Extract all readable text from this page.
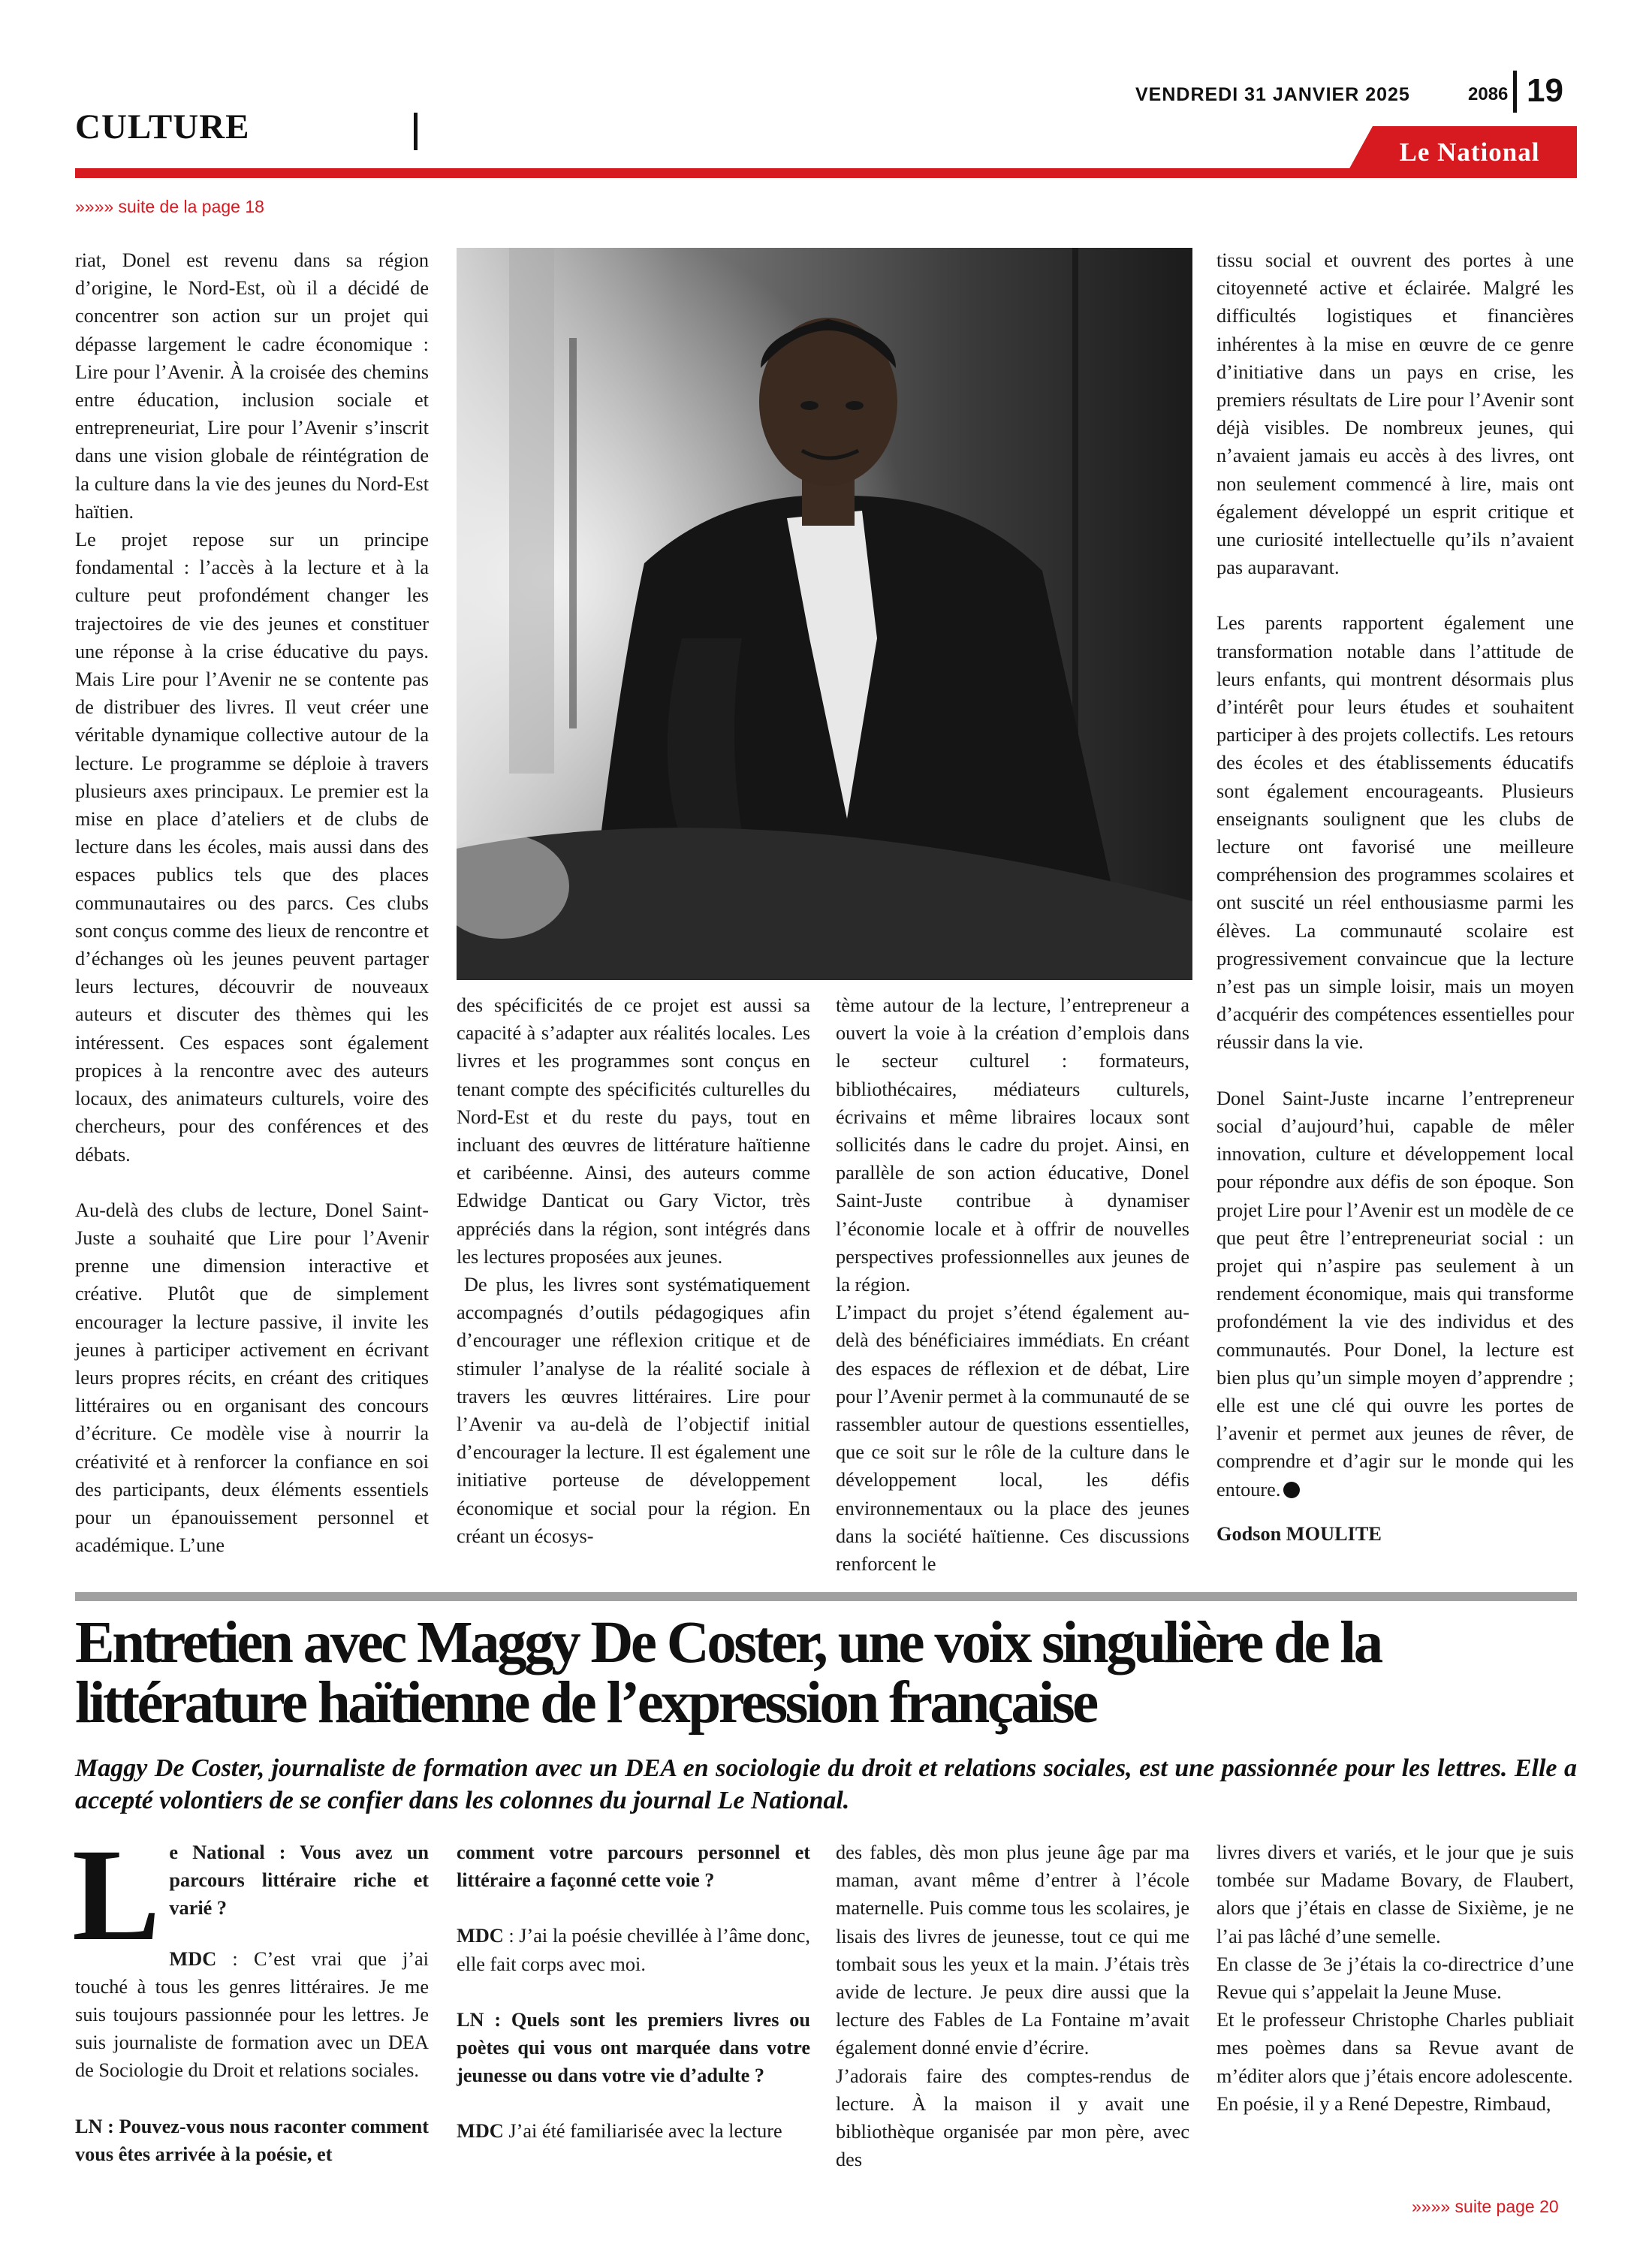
CULTURE
VENDREDI 31 JANVIER 2025	2086 19
Le National
»»»» suite de la page 18

riat, Donel est revenu dans sa région d’origine, le Nord-Est, où il a décidé de concentrer son action sur un projet qui dépasse largement le cadre économique : Lire pour l’Avenir. À la croisée des chemins entre éducation, inclusion sociale et entrepreneuriat, Lire pour l’Avenir s’inscrit dans une vision globale de réintégration de la culture dans la vie des jeunes du Nord-Est haïtien.

Le projet repose sur un principe fondamental : l’accès à la lecture et à la culture peut profondément changer les trajectoires de vie des jeunes et constituer une réponse à la crise éducative du pays. Mais Lire pour l’Avenir ne se contente pas de distribuer des livres. Il veut créer une véritable dynamique collective autour de la lecture. Le programme se déploie à travers plusieurs axes principaux. Le premier est la mise en place d’ateliers et de clubs de lecture dans les écoles, mais aussi dans des espaces publics tels que des places communautaires ou des parcs. Ces clubs sont conçus comme des lieux de rencontre et d’échanges où les jeunes peuvent partager leurs lectures, découvrir de nouveaux auteurs et discuter des thèmes qui les intéressent. Ces espaces sont également propices à la rencontre avec des auteurs locaux, des animateurs culturels, voire des chercheurs, pour des conférences et des débats.

Au-delà des clubs de lecture, Donel Saint-Juste a souhaité que Lire pour l’Avenir prenne une dimension interactive et créative. Plutôt que de simplement encourager la lecture passive, il invite les jeunes à participer activement en écrivant leurs propres récits, en créant des critiques littéraires ou en organisant des concours d’écriture. Ce modèle vise à nourrir la créativité et à renforcer la confiance en soi des participants, deux éléments essentiels pour un épanouissement personnel et académique. L’une

des spécificités de ce projet est aussi sa capacité à s’adapter aux réalités locales. Les livres et les programmes sont conçus en tenant compte des spécificités culturelles du Nord-Est et du reste du pays, tout en incluant des œuvres de littérature haïtienne et caribéenne. Ainsi, des auteurs comme Edwidge Danticat ou Gary Victor, très appréciés dans la région, sont intégrés dans les lectures proposées aux jeunes.

De plus, les livres sont systématiquement accompagnés d’outils pédagogiques afin d’encourager une réflexion critique et de stimuler l’analyse de la réalité sociale à travers les œuvres littéraires. Lire pour l’Avenir va au-delà de l’objectif initial d’encourager la lecture. Il est également une initiative porteuse de développement économique et social pour la région. En créant un écosys-

tème autour de la lecture, l’entrepreneur a ouvert la voie à la création d’emplois dans le secteur culturel : formateurs, bibliothécaires, médiateurs culturels, écrivains et même libraires locaux sont sollicités dans le cadre du projet. Ainsi, en parallèle de son action éducative, Donel Saint-Juste contribue à dynamiser l’économie locale et à offrir de nouvelles perspectives professionnelles aux jeunes de la région.

L’impact du projet s’étend également au-delà des bénéficiaires immédiats. En créant des espaces de réflexion et de débat, Lire pour l’Avenir permet à la communauté de se rassembler autour de questions essentielles, que ce soit sur le rôle de la culture dans le développement local, les défis environnementaux ou la place des jeunes dans la société haïtienne. Ces discussions renforcent le

tissu social et ouvrent des portes à une citoyenneté active et éclairée. Malgré les difficultés logistiques et financières inhérentes à la mise en œuvre de ce genre d’initiative dans un pays en crise, les premiers résultats de Lire pour l’Avenir sont déjà visibles. De nombreux jeunes, qui n’avaient jamais eu accès à des livres, ont non seulement commencé à lire, mais ont également développé un esprit critique et une curiosité intellectuelle qu’ils n’avaient pas auparavant.

Les parents rapportent également une transformation notable dans l’attitude de leurs enfants, qui montrent désormais plus d’intérêt pour leurs études et souhaitent participer à des projets collectifs. Les retours des écoles et des établissements éducatifs sont également encourageants. Plusieurs enseignants soulignent que les clubs de lecture ont favorisé une meilleure compréhension des programmes scolaires et ont suscité un réel enthousiasme parmi les élèves. La communauté scolaire est progressivement convaincue que la lecture n’est pas un simple loisir, mais un moyen d’acquérir des compétences essentielles pour réussir dans la vie.

Donel Saint-Juste incarne l’entrepreneur social d’aujourd’hui, capable de mêler innovation, culture et développement local pour répondre aux défis de son époque. Son projet Lire pour l’Avenir est un modèle de ce que peut être l’entrepreneuriat social : un projet qui n’aspire pas seulement à un rendement économique, mais qui transforme profondément la vie des individus et des communautés. Pour Donel, la lecture est bien plus qu’un simple moyen d’apprendre ; elle est une clé qui ouvre les portes de l’avenir et permet aux jeunes de rêver, de comprendre et d’agir sur le monde qui les entoure.

Godson MOULITE

Entretien avec Maggy De Coster, une voix singulière de la littérature haïtienne de l’expression française
Maggy De Coster, journaliste de formation avec un DEA en sociologie du droit et relations sociales, est une passionnée pour les lettres. Elle a accepté volontiers de se confier dans les colonnes du journal Le National.
L e National : Vous avez un parcours littéraire riche et varié ?

MDC : C’est vrai que j’ai touché à tous les genres littéraires. Je me suis toujours passionnée pour les lettres. Je suis journaliste de formation avec un DEA de Sociologie du Droit et relations sociales.

LN : Pouvez-vous nous raconter comment vous êtes arrivée à la poésie, et

comment votre parcours personnel et littéraire a façonné cette voie ?

MDC : J’ai la poésie chevillée à l’âme donc, elle fait corps avec moi.

LN : Quels sont les premiers livres ou poètes qui vous ont marquée dans votre jeunesse ou dans votre vie d’adulte ?

MDC J’ai été familiarisée avec la lecture

des fables, dès mon plus jeune âge par ma maman, avant même d’entrer à l’école maternelle. Puis comme tous les scolaires, je lisais des livres de jeunesse, tout ce qui me tombait sous les yeux et la main. J’étais très avide de lecture. Je peux dire aussi que la lecture des Fables de La Fontaine m’avait également donné envie d’écrire.

J’adorais faire des comptes-rendus de lecture. À la maison il y avait une bibliothèque organisée par mon père, avec des

livres divers et variés, et le jour que je suis tombée sur Madame Bovary, de Flaubert, alors que j’étais en classe de Sixième, je ne l’ai pas lâché d’une semelle.

En classe de 3e j’étais la co-directrice d’une Revue qui s’appelait la Jeune Muse.

Et le professeur Christophe Charles publiait mes poèmes dans sa Revue avant de m’éditer alors que j’étais encore adolescente.

En poésie, il y a René Depestre, Rimbaud,

»»»» suite page 20
